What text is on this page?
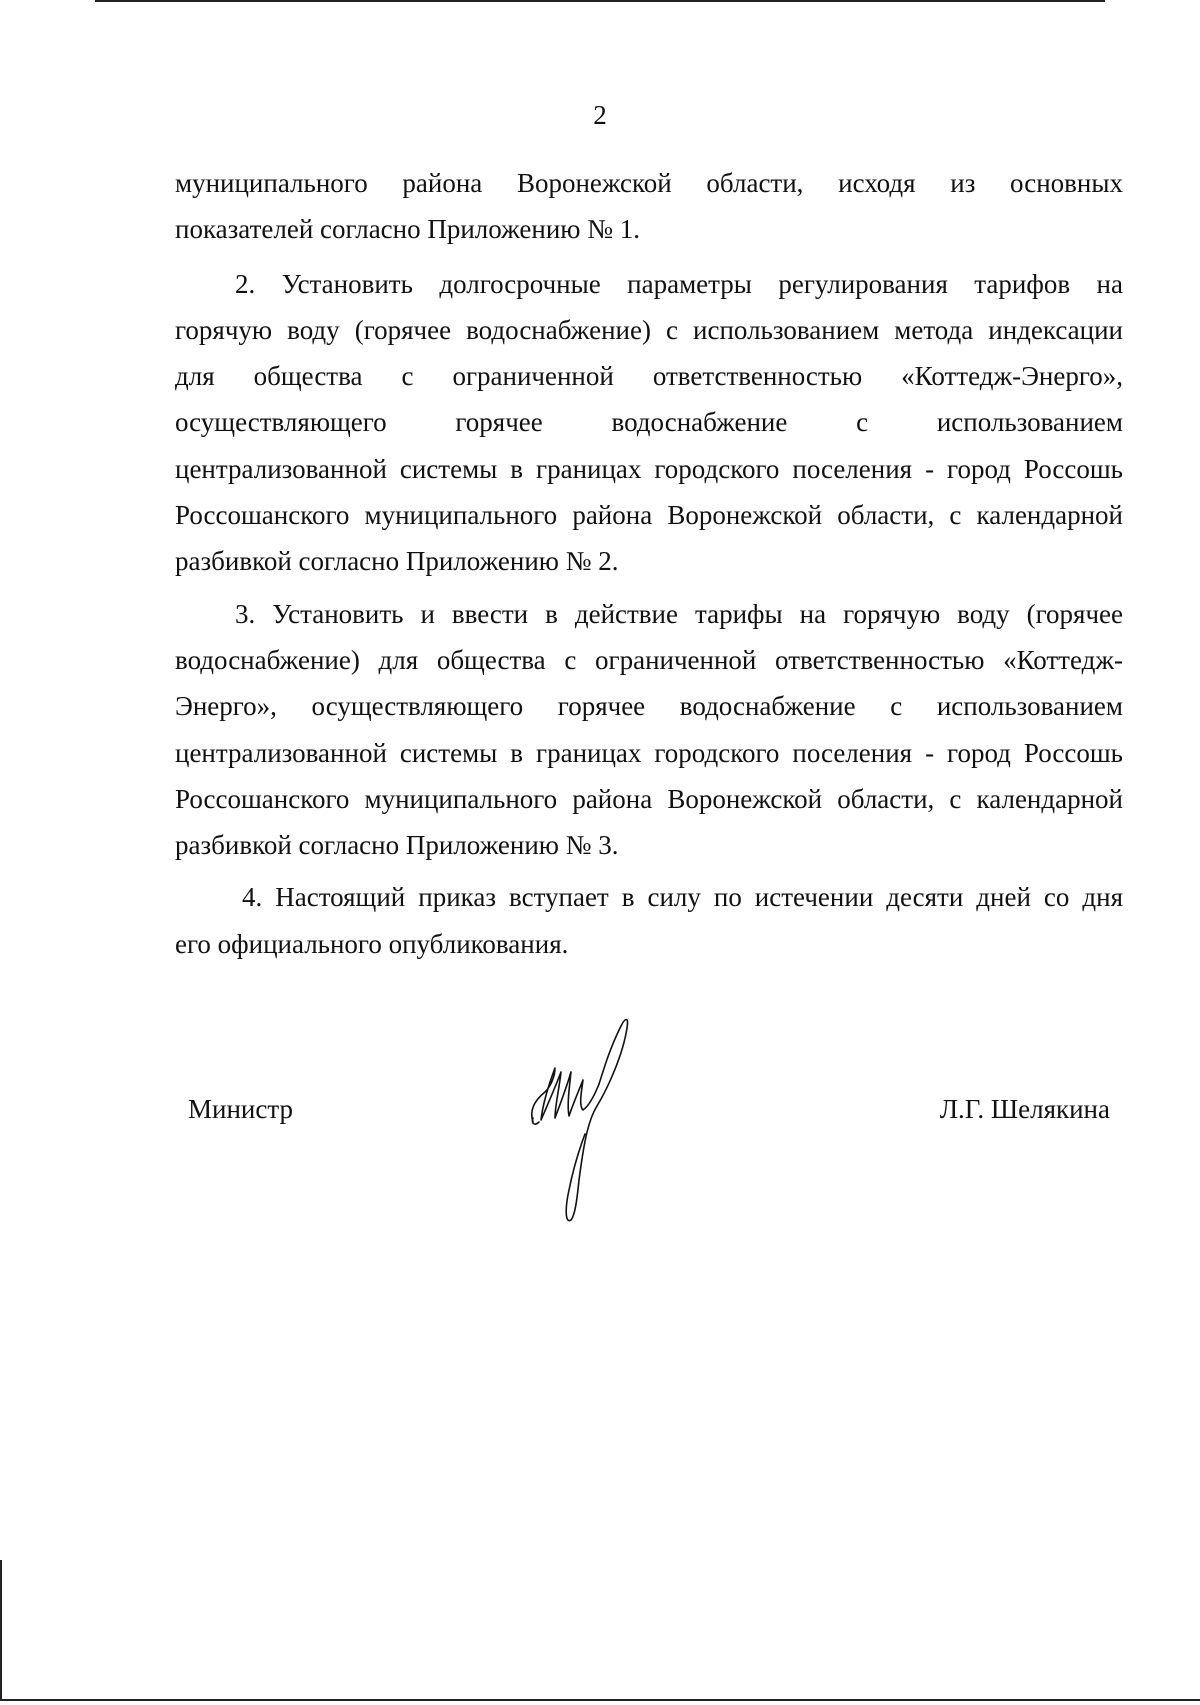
2
муниципального района Воронежской области, исходя из основных
показателей согласно Приложению № 1.
2. Установить долгосрочные параметры регулирования тарифов на
горячую воду (горячее водоснабжение) с использованием метода индексации
для общества с ограниченной ответственностью «Коттедж-Энерго»,
осуществляющего горячее водоснабжение с использованием
централизованной системы в границах городского поселения - город Россошь
Россошанского муниципального района Воронежской области, с календарной
разбивкой согласно Приложению № 2.
3. Установить и ввести в действие тарифы на горячую воду (горячее
водоснабжение) для общества с ограниченной ответственностью «Коттедж-
Энерго», осуществляющего горячее водоснабжение с использованием
централизованной системы в границах городского поселения - город Россошь
Россошанского муниципального района Воронежской области, с календарной
разбивкой согласно Приложению № 3.
4. Настоящий приказ вступает в силу по истечении десяти дней со дня
его официального опубликования.
Министр	Л.Г. Шелякина
